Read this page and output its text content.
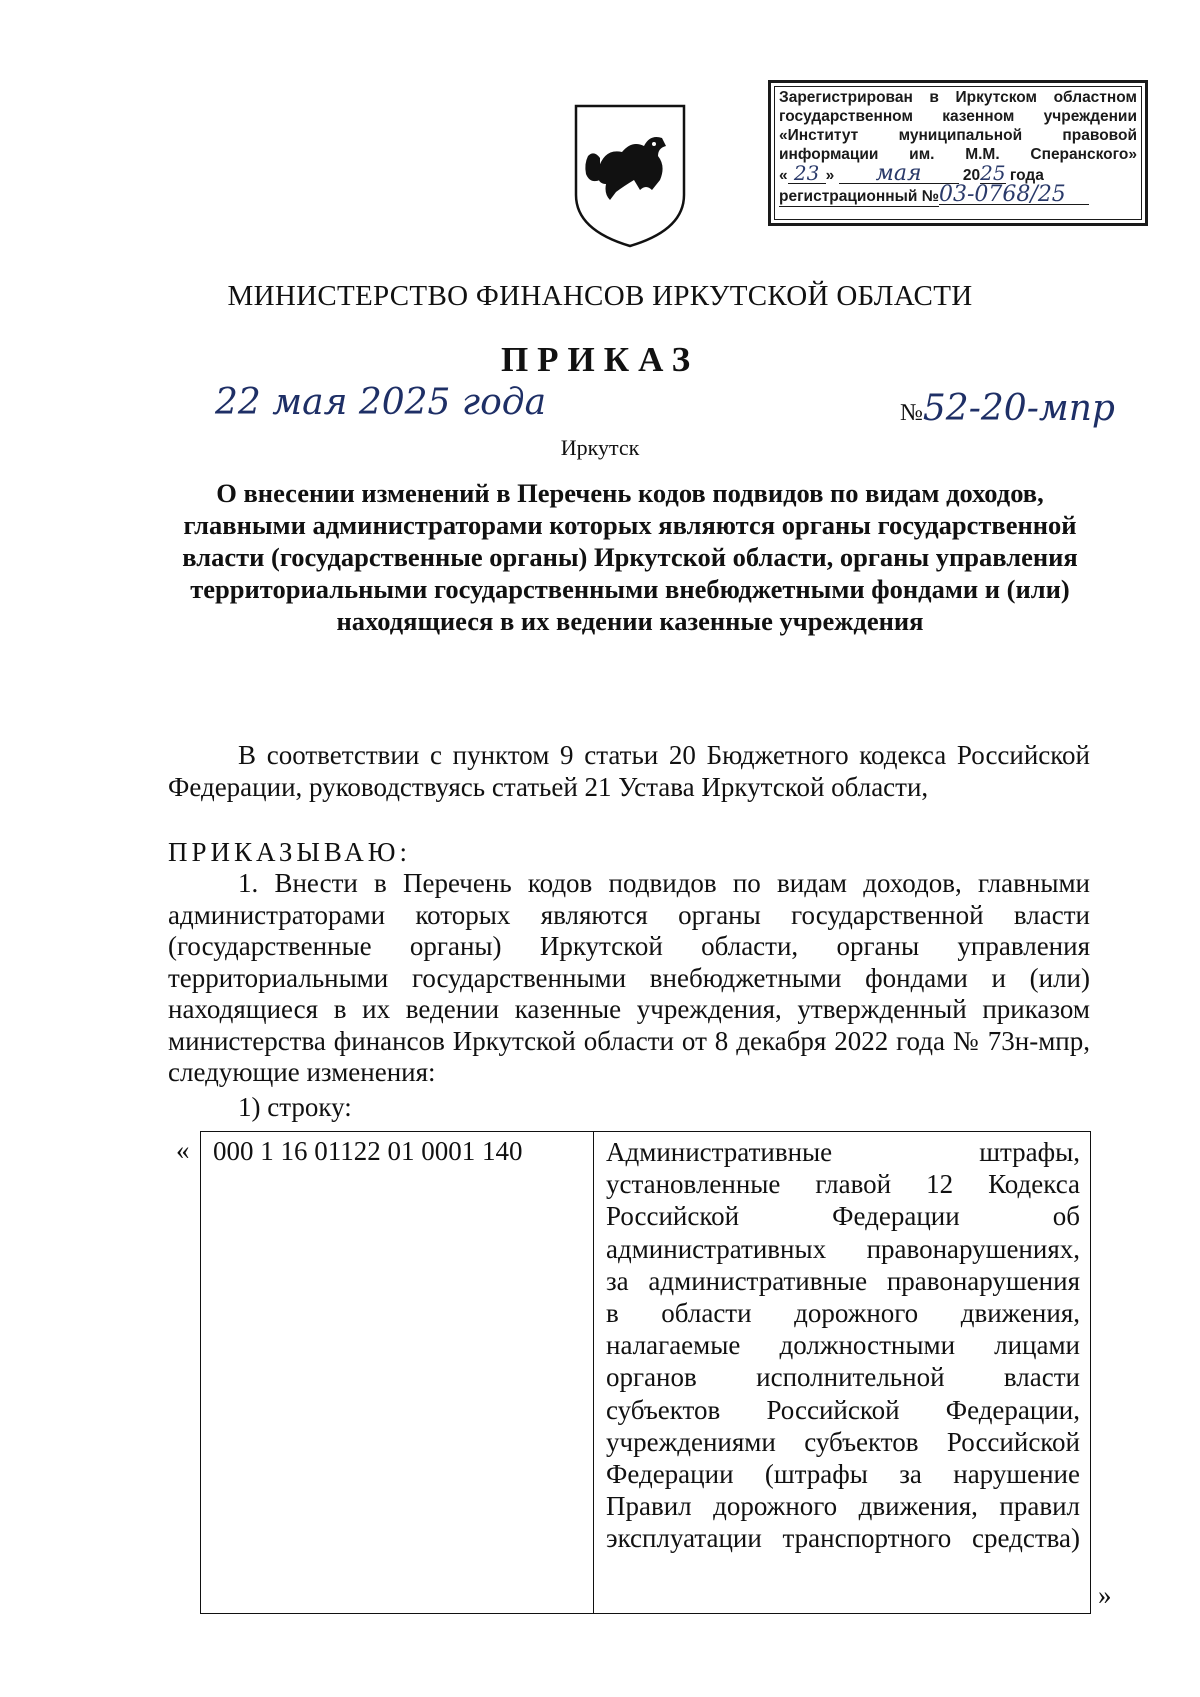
Зарегистрирован в Иркутском областном
государственном казенном учреждении
«Институт муниципальной правовой
информации им. М.М. Сперанского»
« 23 » мая	2025 года
регистрационный №03-0768/25
МИНИСТЕРСТВО ФИНАНСОВ ИРКУТСКОЙ ОБЛАСТИ
ПРИКАЗ
22 мая 2025 года	№52-20-мпр
Иркутск
О внесении изменений в Перечень кодов подвидов по видам доходов, главными администраторами которых являются органы государственной власти (государственные органы) Иркутской области, органы управления территориальными государственными внебюджетными фондами и (или) находящиеся в их ведении казенные учреждения
В соответствии с пунктом 9 статьи 20 Бюджетного кодекса Российской Федерации, руководствуясь статьей 21 Устава Иркутской области,
ПРИКАЗЫВАЮ:
1. Внести в Перечень кодов подвидов по видам доходов, главными администраторами которых являются органы государственной власти (государственные органы) Иркутской области, органы управления территориальными государственными внебюджетными фондами и (или) находящиеся в их ведении казенные учреждения, утвержденный приказом министерства финансов Иркутской области от 8 декабря 2022 года № 73н-мпр, следующие изменения:
1) строку:
« 000 1 16 01122 01 0001 140	Административные штрафы,
установленные главой 12 Кодекса
Российской Федерации об
административных правонарушениях,
за административные правонарушения
в области дорожного движения,
налагаемые должностными лицами
органов исполнительной власти
субъектов Российской Федерации,
учреждениями субъектов Российской
Федерации (штрафы за нарушение
Правил дорожного движения, правил
эксплуатации транспортного средства)
»
